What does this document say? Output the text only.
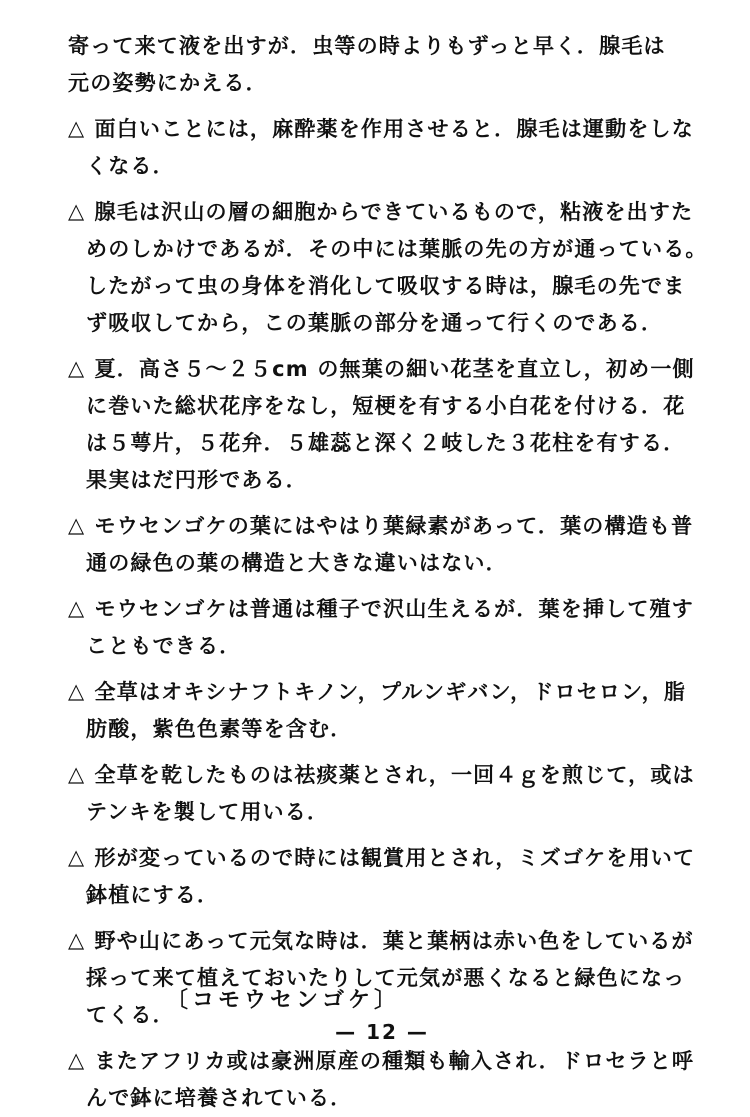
寄って来て液を出すが．虫等の時よりもずっと早く．腺毛は
元の姿勢にかえる．
△ 面白いことには，麻酔薬を作用させると．腺毛は運動をしな
くなる．
△ 腺毛は沢山の層の細胞からできているもので，粘液を出すた
めのしかけであるが．その中には葉脈の先の方が通っている。
したがって虫の身体を消化して吸収する時は，腺毛の先でま
ず吸収してから，この葉脈の部分を通って行くのである．
△ 夏．高さ５～２５cm の無葉の細い花茎を直立し，初め一側
に巻いた総状花序をなし，短梗を有する小白花を付ける．花
は５萼片，５花弁．５雄蕊と深く２岐した３花柱を有する．
果実はだ円形である．
△ モウセンゴケの葉にはやはり葉緑素があって．葉の構造も普
通の緑色の葉の構造と大きな違いはない．
△ モウセンゴケは普通は種子で沢山生えるが．葉を挿して殖す
こともできる．
△ 全草はオキシナフトキノン，プルンギバン，ドロセロン，脂
肪酸，紫色色素等を含む．
△ 全草を乾したものは祛痰薬とされ，一回４ｇを煎じて，或は
テンキを製して用いる．
△ 形が変っているので時には観賞用とされ，ミズゴケを用いて
鉢植にする．
△ 野や山にあって元気な時は．葉と葉柄は赤い色をしているが
採って来て植えておいたりして元気が悪くなると緑色になっ
てくる．
△ またアフリカ或は豪洲原産の種類も輸入され．ドロセラと呼
んで鉢に培養されている．
〔コモウセンゴケ〕
— 12 —
